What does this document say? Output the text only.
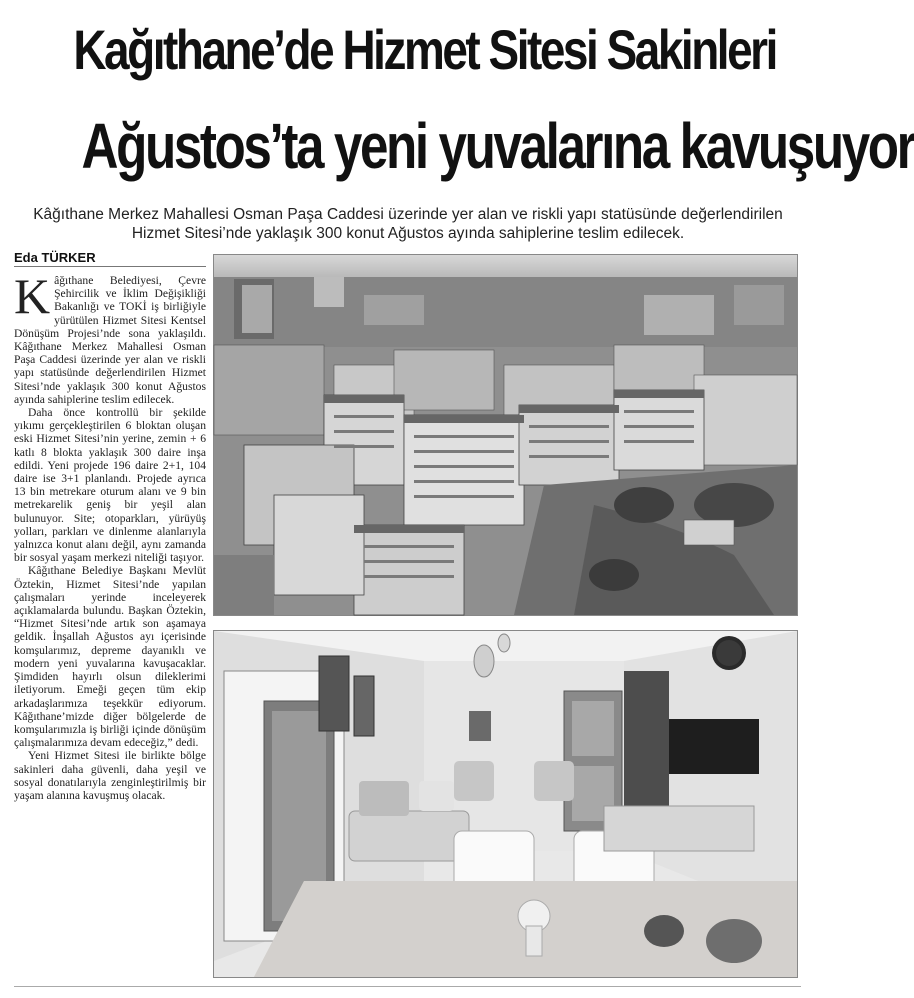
Kağıthane’de Hizmet Sitesi Sakinleri
Ağustos’ta yeni yuvalarına kavuşuyor
Kâğıthane Merkez Mahallesi Osman Paşa Caddesi üzerinde yer alan ve riskli yapı statüsünde değerlendirilen
Hizmet Sitesi’nde yaklaşık 300 konut Ağustos ayında sahiplerine teslim edilecek.
Eda TÜRKER

Kâğıthane Belediyesi, Çevre Şehircilik ve İklim Değişikliği Bakanlığı ve TOKİ iş birliğiyle yürütülen Hizmet Sitesi Kentsel Dönüşüm Projesi’nde sona yaklaşıldı. Kâğıthane Merkez Mahallesi Osman Paşa Caddesi üzerinde yer alan ve riskli yapı statüsünde değerlendirilen Hizmet Sitesi’nde yaklaşık 300 konut Ağustos ayında sahiplerine teslim edilecek.

Daha önce kontrollü bir şekilde yıkımı gerçekleştirilen 6 bloktan oluşan eski Hizmet Sitesi’nin yerine, zemin + 6 katlı 8 blokta yaklaşık 300 daire inşa edildi. Yeni projede 196 daire 2+1, 104 daire ise 3+1 planlandı. Projede ayrıca 13 bin metrekare oturum alanı ve 9 bin metrekarelik geniş bir yeşil alan bulunuyor. Site; otoparkları, yürüyüş yolları, parkları ve dinlenme alanlarıyla yalnızca konut alanı değil, aynı zamanda bir sosyal yaşam merkezi niteliği taşıyor.

Kâğıthane Belediye Başkanı Mevlüt Öztekin, Hizmet Sitesi’nde yapılan çalışmaları yerinde inceleyerek açıklamalarda bulundu. Başkan Öztekin, “Hizmet Sitesi’nde artık son aşamaya geldik. İnşallah Ağustos ayı içerisinde komşularımız, depreme dayanıklı ve modern yeni yuvalarına kavuşacaklar. Şimdiden hayırlı olsun dileklerimi iletiyorum. Emeği geçen tüm ekip arkadaşlarımıza teşekkür ediyorum. Kâğıthane’mizde diğer bölgelerde de komşularımızla iş birliği içinde dönüşüm çalışmalarımıza devam edeceğiz,” dedi.

Yeni Hizmet Sitesi ile birlikte bölge sakinleri daha güvenli, daha yeşil ve sosyal donatılarıyla zenginleştirilmiş bir yaşam alanına kavuşmuş olacak.
